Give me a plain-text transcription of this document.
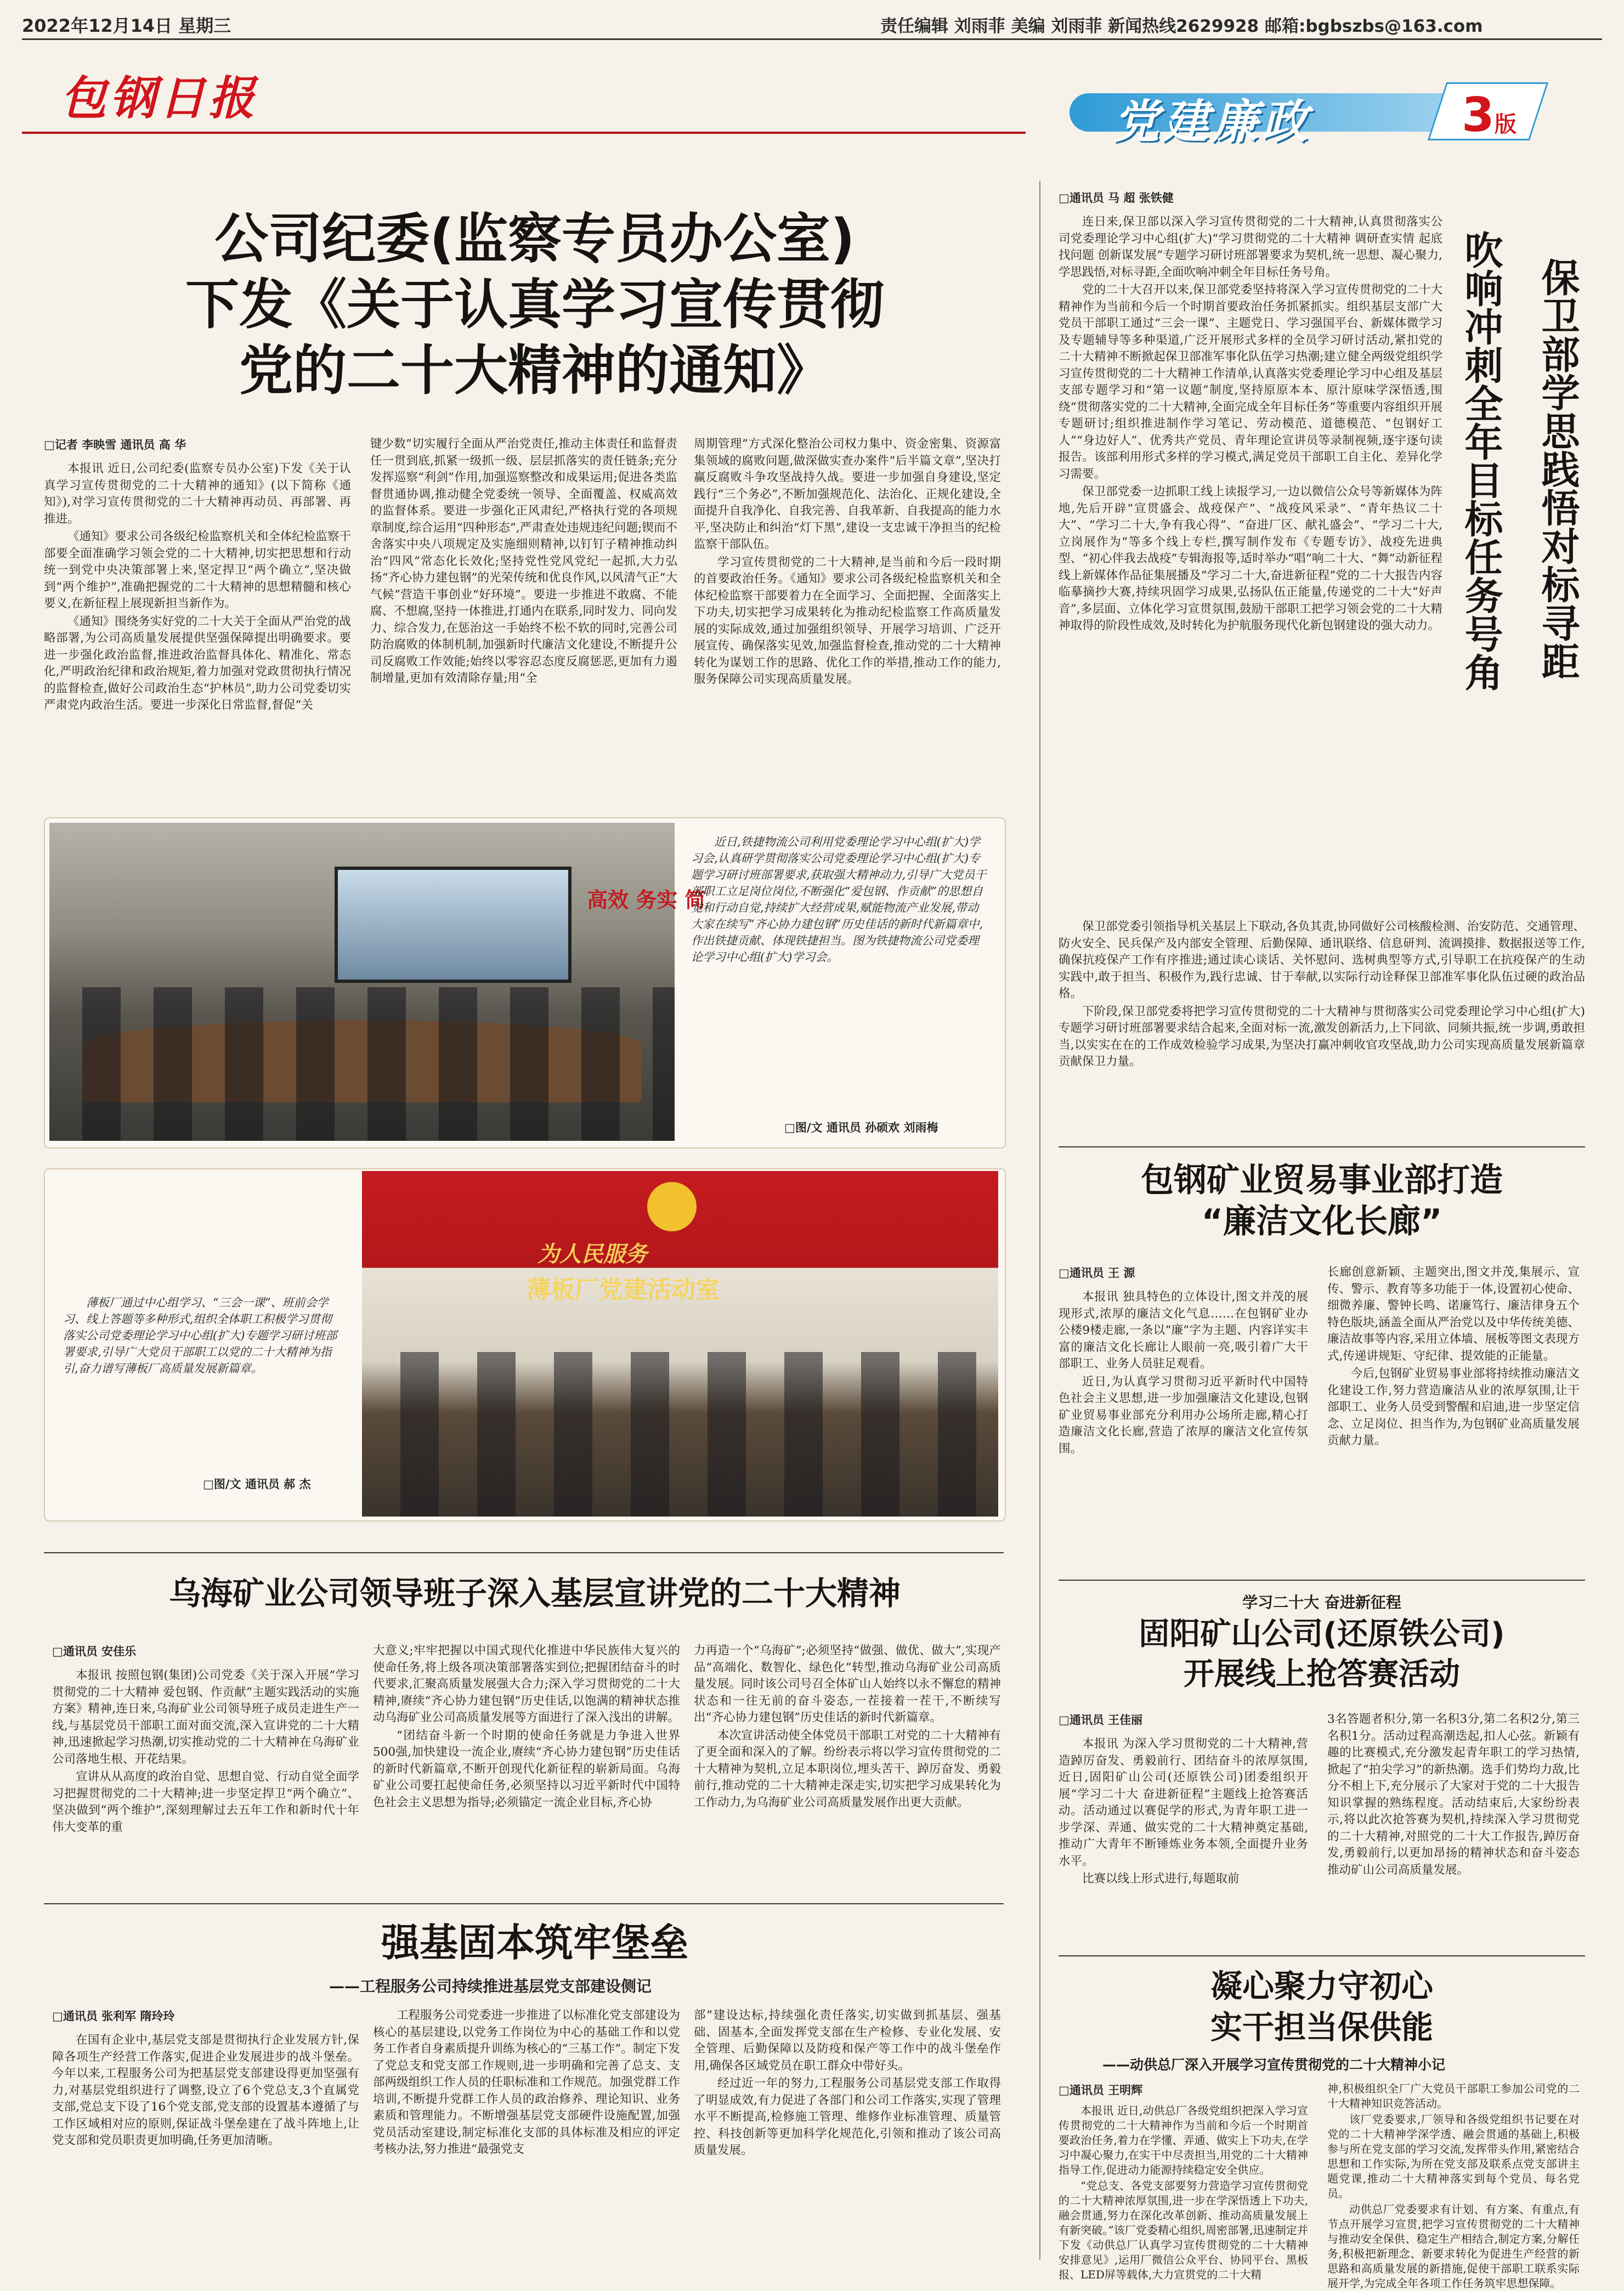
2022年12月14日 星期三	责任编辑 刘雨菲 美编 刘雨菲 新闻热线2629928 邮箱:bgbszbs@163.com
包钢日报	党建廉政	3 版
公司纪委(监察专员办公室)
下发《关于认真学习宣传贯彻
党的二十大精神的通知》
□记者 李映雪 通讯员 高 华

本报讯 近日,公司纪委(监察专员办公室)下发《关于认真学习宣传贯彻党的二十大精神的通知》(以下简称《通知》),对学习宣传贯彻党的二十大精神再动员、再部署、再推进。

《通知》要求公司各级纪检监察机关和全体纪检监察干部要全面准确学习领会党的二十大精神,切实把思想和行动统一到党中央决策部署上来,坚定捍卫“两个确立”,坚决做到“两个维护”,准确把握党的二十大精神的思想精髓和核心要义,在新征程上展现新担当新作为。

《通知》围绕务实好党的二十大关于全面从严治党的战略部署,为公司高质量发展提供坚强保障提出明确要求。要进一步强化政治监督,推进政治监督具体化、精准化、常态化,严明政治纪律和政治规矩,着力加强对党政贯彻执行情况的监督检查,做好公司政治生态“护林员”,助力公司党委切实严肃党内政治生活。要进一步深化日常监督,督促“关

键少数”切实履行全面从严治党责任,推动主体责任和监督责任一贯到底,抓紧一级抓一级、层层抓落实的责任链条;充分发挥巡察“利剑”作用,加强巡察整改和成果运用;促进各类监督贯通协调,推动健全党委统一领导、全面覆盖、权威高效的监督体系。要进一步强化正风肃纪,严格执行党的各项规章制度,综合运用“四种形态”,严肃查处违规违纪问题;锲而不舍落实中央八项规定及实施细则精神,以钉钉子精神推动纠治“四风”常态化长效化;坚持党性党风党纪一起抓,大力弘扬“齐心协力建包钢”的光荣传统和优良作风,以风清气正“大气候”营造干事创业“好环境”。要进一步推进不敢腐、不能腐、不想腐,坚持一体推进,打通内在联系,同时发力、同向发力、综合发力,在惩治这一手始终不松不软的同时,完善公司防治腐败的体制机制,加强新时代廉洁文化建设,不断提升公司反腐败工作效能;始终以零容忍态度反腐惩恶,更加有力遏制增量,更加有效清除存量;用“全

周期管理”方式深化整治公司权力集中、资金密集、资源富集领域的腐败问题,做深做实查办案件“后半篇文章”,坚决打赢反腐败斗争攻坚战持久战。要进一步加强自身建设,坚定践行“三个务必”,不断加强规范化、法治化、正规化建设,全面提升自我净化、自我完善、自我革新、自我提高的能力水平,坚决防止和纠治“灯下黑”,建设一支忠诚干净担当的纪检监察干部队伍。

学习宣传贯彻党的二十大精神,是当前和今后一段时期的首要政治任务。《通知》要求公司各级纪检监察机关和全体纪检监察干部要着力在全面学习、全面把握、全面落实上下功夫,切实把学习成果转化为推动纪检监察工作高质量发展的实际成效,通过加强组织领导、开展学习培训、广泛开展宣传、确保落实见效,加强监督检查,推动党的二十大精神转化为谋划工作的思路、优化工作的举措,推动工作的能力,服务保障公司实现高质量发展。

高效 务实 简
近日,铁捷物流公司利用党委理论学习中心组(扩大)学习会,认真研学贯彻落实公司党委理论学习中心组(扩大)专题学习研讨班部署要求,获取强大精神动力,引导广大党员干部职工立足岗位岗位,不断强化“爱包钢、作贡献”的思想自觉和行动自觉,持续扩大经营成果,赋能物流产业发展,带动大家在续写“齐心协力建包钢”历史佳话的新时代新篇章中,作出铁捷贡献、体现铁捷担当。图为铁捷物流公司党委理论学习中心组(扩大)学习会。
□图/文 通讯员 孙硕欢 刘雨梅
为人民服务
薄板厂党建活动室
薄板厂通过中心组学习、“三会一课”、班前会学习、线上答题等多种形式,组织全体职工积极学习贯彻落实公司党委理论学习中心组(扩大)专题学习研讨班部署要求,引导广大党员干部职工以党的二十大精神为指引,奋力谱写薄板厂高质量发展新篇章。
□图/文 通讯员 郝 杰
乌海矿业公司领导班子深入基层宣讲党的二十大精神
□通讯员 安佳乐

本报讯 按照包钢(集团)公司党委《关于深入开展“学习贯彻党的二十大精神 爱包钢、作贡献”主题实践活动的实施方案》精神,连日来,乌海矿业公司领导班子成员走进生产一线,与基层党员干部职工面对面交流,深入宣讲党的二十大精神,迅速掀起学习热潮,切实推动党的二十大精神在乌海矿业公司落地生根、开花结果。

宣讲从从高度的政治自觉、思想自觉、行动自觉全面学习把握贯彻党的二十大精神;进一步坚定捍卫“两个确立”、坚决做到“两个维护”,深刻理解过去五年工作和新时代十年伟大变革的重

大意义;牢牢把握以中国式现代化推进中华民族伟大复兴的使命任务,将上级各项决策部署落实到位;把握团结奋斗的时代要求,汇聚高质量发展强大合力;深入学习贯彻党的二十大精神,赓续“齐心协力建包钢”历史佳话,以饱满的精神状态推动乌海矿业公司高质量发展等方面进行了深入浅出的讲解。

“团结奋斗新一个时期的使命任务就是力争进入世界500强,加快建设一流企业,赓续“齐心协力建包钢”历史佳话的新时代新篇章,不断开创现代化新征程的崭新局面。乌海矿业公司要扛起使命任务,必须坚持以习近平新时代中国特色社会主义思想为指导;必须锚定一流企业目标,齐心协

力再造一个“乌海矿”;必须坚持“做强、做优、做大”,实现产品“高端化、数智化、绿色化”转型,推动乌海矿业公司高质量发展。同时该公司号召全体矿山人始终以永不懈怠的精神状态和一往无前的奋斗姿态,一茬接着一茬干,不断续写出“齐心协力建包钢”历史佳话的新时代新篇章。

本次宣讲活动使全体党员干部职工对党的二十大精神有了更全面和深入的了解。纷纷表示将以学习宣传贯彻党的二十大精神为契机,立足本职岗位,埋头苦干、踔厉奋发、勇毅前行,推动党的二十大精神走深走实,切实把学习成果转化为工作动力,为乌海矿业公司高质量发展作出更大贡献。

强基固本筑牢堡垒
——工程服务公司持续推进基层党支部建设侧记
□通讯员 张利军 隋玲玲

在国有企业中,基层党支部是贯彻执行企业发展方针,保障各项生产经营工作落实,促进企业发展进步的战斗堡垒。今年以来,工程服务公司为把基层党支部建设得更加坚强有力,对基层党组织进行了调整,设立了6个党总支,3个直属党支部,党总支下设了16个党支部,党支部的设置基本遵循了与工作区域相对应的原则,保证战斗堡垒建在了战斗阵地上,让党支部和党员职责更加明确,任务更加清晰。

工程服务公司党委进一步推进了以标准化党支部建设为核心的基层建设,以党务工作岗位为中心的基础工作和以党务工作者自身素质提升训练为核心的“三基工作”。制定下发了党总支和党支部工作规则,进一步明确和完善了总支、支部两级组织工作人员的任职标准和工作规范。加强党群工作培训,不断提升党群工作人员的政治修养、理论知识、业务素质和管理能力。不断增强基层党支部硬件设施配置,加强党员活动室建设,制定标准化支部的具体标准及相应的评定考核办法,努力推进“最强党支

部”建设达标,持续强化责任落实,切实做到抓基层、强基础、固基本,全面发挥党支部在生产检修、专业化发展、安全管理、后勤保障以及防疫和保产等工作中的战斗堡垒作用,确保各区域党员在职工群众中带好头。

经过近一年的努力,工程服务公司基层党支部工作取得了明显成效,有力促进了各部门和公司工作落实,实现了管理水平不断提高,检修施工管理、维修作业标准管理、质量管控、科技创新等更加科学化规范化,引领和推动了该公司高质量发展。

□通讯员 马 超 张铁健

连日来,保卫部以深入学习宣传贯彻党的二十大精神,认真贯彻落实公司党委理论学习中心组(扩大)“学习贯彻党的二十大精神 调研查实情 起底找问题 创新谋发展”专题学习研讨班部署要求为契机,统一思想、凝心聚力,学思践悟,对标寻距,全面吹响冲刺全年目标任务号角。

党的二十大召开以来,保卫部党委坚持将深入学习宣传贯彻党的二十大精神作为当前和今后一个时期首要政治任务抓紧抓实。组织基层支部广大党员干部职工通过“三会一课”、主题党日、学习强国平台、新媒体微学习及专题辅导等多种渠道,广泛开展形式多样的全员学习研讨活动,紧扣党的二十大精神不断掀起保卫部准军事化队伍学习热潮;建立健全两级党组织学习宣传贯彻党的二十大精神工作清单,认真落实党委理论学习中心组及基层支部专题学习和“第一议题”制度,坚持原原本本、原汁原味学深悟透,围绕“贯彻落实党的二十大精神,全面完成全年目标任务”等重要内容组织开展专题研讨;组织推进制作学习笔记、劳动模范、道德模范、“包钢好工人”“身边好人”、优秀共产党员、青年理论宣讲员等录制视频,逐宇逐句读报告。该部利用形式多样的学习模式,满足党员干部职工自主化、差异化学习需要。

保卫部党委一边抓职工线上读报学习,一边以微信公众号等新媒体为阵地,先后开辟“宣贯盛会、战疫保产”、“战疫风采录”、“青年热议二十大”、“学习二十大,争有我心得”、“奋进厂区、献礼盛会”、“学习二十大,立岗展作为”等多个线上专栏,撰写制作发布《专题专访》、战疫先进典型、“初心伴我去战疫”专辑海报等,适时举办“唱”响二十大、“舞”动新征程线上新媒体作品征集展播及“学习二十大,奋进新征程”党的二十大报告内容临摹摘抄大赛,持续巩固学习成果,弘扬队伍正能量,传递党的二十大“好声音”,多层面、立体化学习宣贯氛围,鼓励干部职工把学习领会党的二十大精神取得的阶段性成效,及时转化为护航服务现代化新包钢建设的强大动力。

保卫部党委引领指导机关基层上下联动,各负其责,协同做好公司核酸检测、治安防范、交通管理、防火安全、民兵保产及内部安全管理、后勤保障、通讯联络、信息研判、流调摸排、数据报送等工作,确保抗疫保产工作有序推进;通过读心谈话、关怀慰问、选树典型等方式,引导职工在抗疫保产的生动实践中,敢于担当、积极作为,践行忠诚、甘于奉献,以实际行动诠释保卫部准军事化队伍过硬的政治品格。

下阶段,保卫部党委将把学习宣传贯彻党的二十大精神与贯彻落实公司党委理论学习中心组(扩大)专题学习研讨班部署要求结合起来,全面对标一流,激发创新活力,上下同欲、同频共振,统一步调,勇敢担当,以实实在在的工作成效检验学习成果,为坚决打赢冲刺收官攻坚战,助力公司实现高质量发展新篇章贡献保卫力量。

保卫部学思践悟对标寻距
吹响冲刺全年目标任务号角
包钢矿业贸易事业部打造
“廉洁文化长廊”
□通讯员 王 源

本报讯 独具特色的立体设计,图文并茂的展现形式,浓厚的廉洁文化气息……在包钢矿业办公楼9楼走廊,一条以“廉”字为主题、内容详实丰富的廉洁文化长廊让人眼前一亮,吸引着广大干部职工、业务人员驻足观看。

近日,为认真学习贯彻习近平新时代中国特色社会主义思想,进一步加强廉洁文化建设,包钢矿业贸易事业部充分利用办公场所走廊,精心打造廉洁文化长廊,营造了浓厚的廉洁文化宣传氛围。

长廊创意新颖、主题突出,图文并茂,集展示、宣传、警示、教育等多功能于一体,设置初心使命、细微养廉、警钟长鸣、诺廉笃行、廉洁律身五个特色版块,涵盖全面从严治党以及中华传统美德、廉洁故事等内容,采用立体墙、展板等图文表现方式,传递讲规矩、守纪律、提效能的正能量。

今后,包钢矿业贸易事业部将持续推动廉洁文化建设工作,努力营造廉洁从业的浓厚氛围,让干部职工、业务人员受到警醒和启迪,进一步坚定信念、立足岗位、担当作为,为包钢矿业高质量发展贡献力量。

学习二十大 奋进新征程
固阳矿山公司(还原铁公司)
开展线上抢答赛活动
□通讯员 王佳丽

本报讯 为深入学习贯彻党的二十大精神,营造踔厉奋发、勇毅前行、团结奋斗的浓厚氛围,近日,固阳矿山公司(还原铁公司)团委组织开展“学习二十大 奋进新征程”主题线上抢答赛活动。活动通过以赛促学的形式,为青年职工进一步学深、弄通、做实党的二十大精神奠定基础,推动广大青年不断锤炼业务本领,全面提升业务水平。

比赛以线上形式进行,每题取前

3名答题者积分,第一名积3分,第二名积2分,第三名积1分。活动过程高潮迭起,扣人心弦。新颖有趣的比赛模式,充分激发起青年职工的学习热情,掀起了“拍尖学习”的新热潮。选手们势均力敌,比分不相上下,充分展示了大家对于党的二十大报告知识掌握的熟练程度。活动结束后,大家纷纷表示,将以此次抢答赛为契机,持续深入学习贯彻党的二十大精神,对照党的二十大工作报告,踔厉奋发,勇毅前行,以更加昂扬的精神状态和奋斗姿态推动矿山公司高质量发展。

凝心聚力守初心
实干担当保供能
——动供总厂深入开展学习宣传贯彻党的二十大精神小记
□通讯员 王明辉

本报讯 近日,动供总厂各级党组织把深入学习宣传贯彻党的二十大精神作为当前和今后一个时期首要政治任务,着力在学懂、弄通、做实上下功夫,在学习中凝心聚力,在实干中尽责担当,用党的二十大精神指导工作,促进动力能源持续稳定安全供应。

“党总支、各党支部要努力营造学习宣传贯彻党的二十大精神浓厚氛围,进一步在学深悟透上下功夫,融会贯通,努力在深化改革创新、推动高质量发展上有新突破。”该厂党委精心组织,周密部署,迅速制定并下发《动供总厂认真学习宣传贯彻党的二十大精神安排意见》,运用厂微信公众平台、协同平台、黑板报、LED屏等载体,大力宣贯党的二十大精

神,积极组织全厂广大党员干部职工参加公司党的二十大精神知识竞答活动。

该厂党委要求,厂领导和各级党组织书记要在对党的二十大精神学深学透、融会贯通的基础上,积极参与所在党支部的学习交流,发挥带头作用,紧密结合思想和工作实际,为所在党支部及联系点党支部讲主题党课,推动二十大精神落实到每个党员、每名党员。

动供总厂党委要求有计划、有方案、有重点,有节点开展学习宣贯,把学习宣传贯彻党的二十大精神与推动安全保供、稳定生产相结合,制定方案,分解任务,积极把新理念、新要求转化为促进生产经营的新思路和高质量发展的新措施,促使干部职工联系实际展开学,为完成全年各项工作任务筑牢思想保障。
